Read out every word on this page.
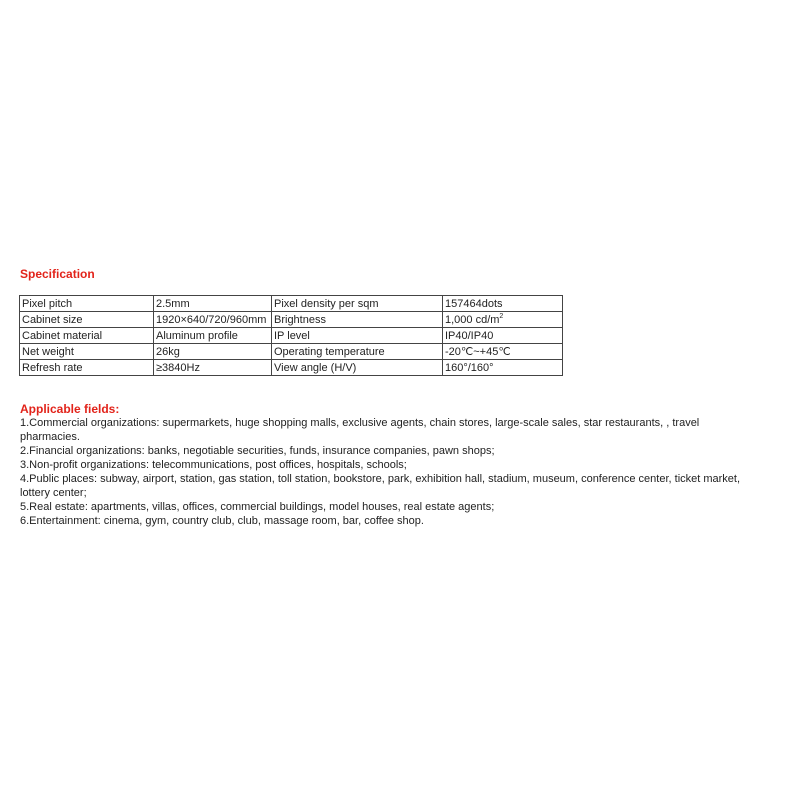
Specification
Pixel pitch	2.5mm	Pixel density per sqm	157464dots
Cabinet size	1920×640/720/960mm	Brightness	1,000 $cd/m^2$
Cabinet material	Aluminum profile	IP level	IP40/IP40
Net weight	26kg	Operating temperature	-20℃~+45℃
Refresh rate	≥3840Hz	View angle (H/V)	160°/160°
Applicable fields:
1.Commercial organizations: supermarkets, huge shopping malls, exclusive agents, chain stores, large-scale sales, star restaurants, , travel pharmacies.
2.Financial organizations: banks, negotiable securities, funds, insurance companies, pawn shops;
3.Non-profit organizations: telecommunications, post offices, hospitals, schools;
4.Public places: subway, airport, station, gas station, toll station, bookstore, park, exhibition hall, stadium, museum, conference center, ticket market, lottery center;
5.Real estate: apartments, villas, offices, commercial buildings, model houses, real estate agents;
6.Entertainment: cinema, gym, country club, club, massage room, bar, coffee shop.
